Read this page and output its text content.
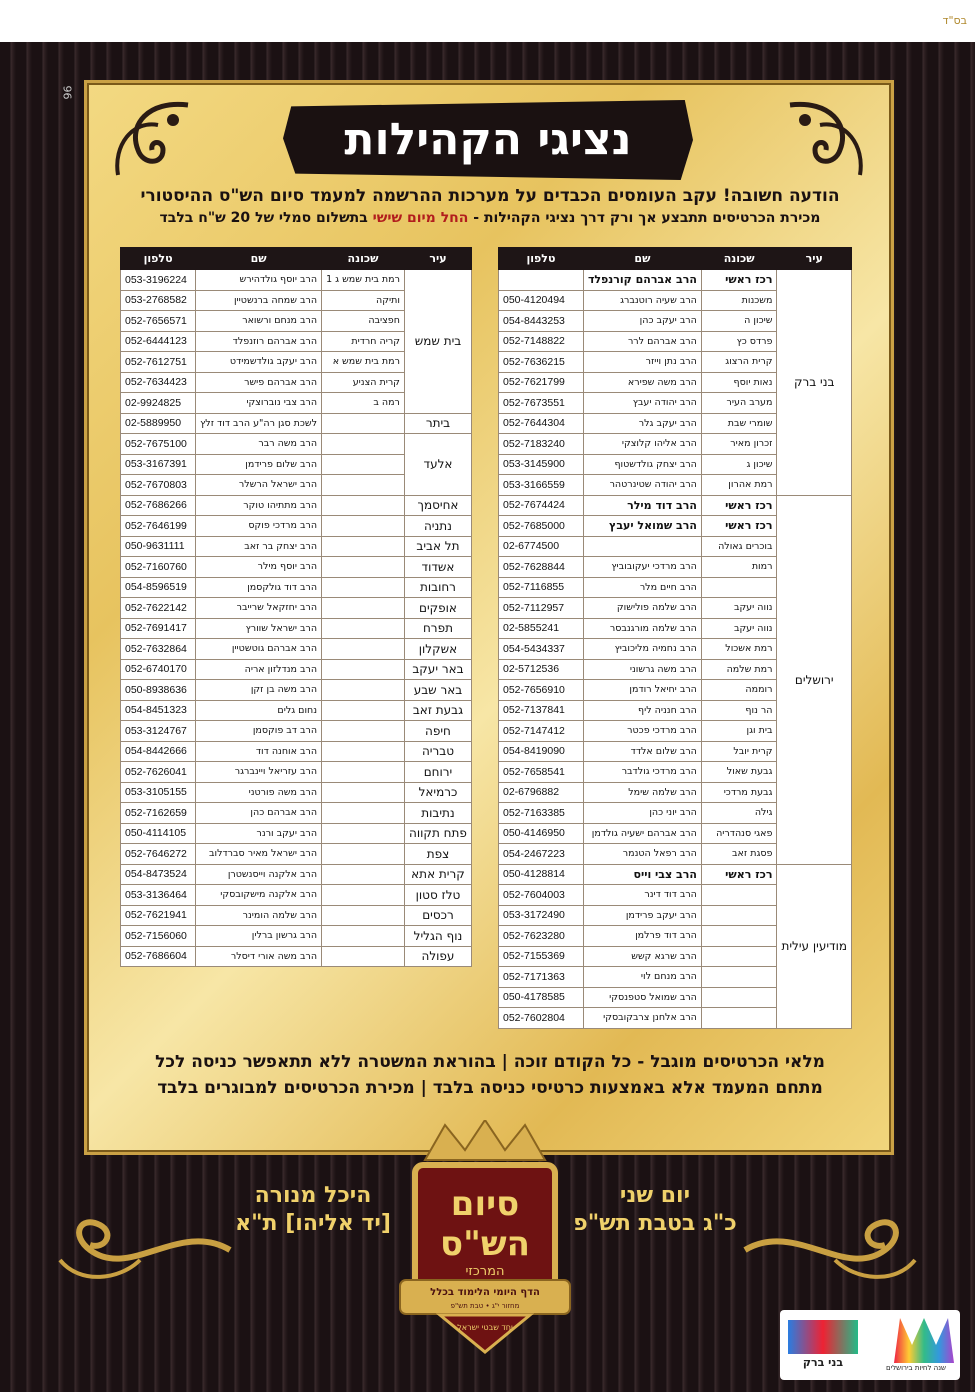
בס"ד
96
נציגי הקהילות
הודעה חשובה! עקב העומסים הכבדים על מערכות ההרשמה למעמד סיום הש"ס ההיסטורי
מכירת הכרטיסים תתבצע אך ורק דרך נציגי הקהילות - החל מיום שישי בתשלום סמלי של 20 ש"ח בלבד
עיר	שכונה	שם	טלפון
בני ברק	רכז ראשי	הרב אברהם קורנפלד	
	משכנות	הרב שעיה רוטנברג	050-4120494
	שיכון ה	הרב יעקב כהן	054-8443253
	פרדס כץ	הרב אברהם לרר	052-7148822
	קרית הרצוג	הרב נתן וייזר	052-7636215
	נאות יוסף	הרב משה שפירא	052-7621799
	מערב העיר	הרב יהודה יעבץ	052-7673551
	שומרי שבת	הרב יעקב גלר	052-7644304
	זכרון מאיר	הרב אליהו קלוצקי	052-7183240
	שיכון ג	הרב יצחק גולדשטוף	053-3145900
	רמת אהרון	הרב יהודה שטינרטהר	053-3166559
ירושלים	רכז ראשי	הרב דוד מילר	052-7674424
	רכז ראשי	הרב שמואל יעבץ	052-7685000
	בוכרים גאולה		02-6774500
	רמות	הרב מרדכי יעקובוביץ	052-7628844
		הרב חיים מלר	052-7116855
	נווה יעקב	הרב שלמה פולישוק	052-7112957
	נווה יעקב	הרב שלמה מורגנבסר	02-5855241
	רמת אשכול	הרב נחמיה מליכוביץ	054-5434337
	רמת שלמה	הרב משה גרשוני	02-5712536
	רוממה	הרב יחיאל רודמן	052-7656910
	הר נוף	הרב חנניה ליף	052-7137841
	בית וגן	הרב מרדכי פכטר	052-7147412
	קרית יובל	הרב שלום אלדד	054-8419090
	גבעת שאול	הרב מרדכי גולדבר	052-7658541
	גבעת מרדכי	הרב שלמה שימל	02-6796882
	גילה	הרב יוני כהן	052-7163385
	פאגי סנהדריה	הרב אברהם ישעיה גולדמן	050-4146950
	פסגת זאב	הרב רפאל הטנמר	054-2467223
מודיעין עילית	רכז ראשי	הרב צבי וייס	050-4128814
		הרב דוד דינר	052-7604003
		הרב יעקב פרידמן	053-3172490
		הרב דוד פרלמן	052-7623280
		הרב שרגא קשש	052-7155369
		הרב מנחם לוי	052-7171363
		הרב שמואל סטפנסקי	050-4178585
		הרב אלחנן צרבקובסקי	052-7602804
עיר	שכונה	שם	טלפון
בית שמש	רמת בית שמש ג 1	הרב יוסף גולדהירש	053-3196224
	ותיקה	הרב שמחה ברנשטיין	053-2768582
	חפציבה	הרב מנחם ורשואר	052-7656571
	קריה חרדית	הרב אברהם רוזנפלד	052-6444123
	רמת בית שמש א	הרב יעקב גולדשמידט	052-7612751
	קרית הצניע	הרב אברהם פישר	052-7634423
	רמה ב	הרב צבי נוברוצקי	02-9924825
ביתר		לשכת סגן רה"ע הרב דוד זלץ	02-5889950
אלעד		הרב משה רבר	052-7675100
		הרב שלום פרידמן	053-3167391
		הרב ישראל הרשלר	052-7670803
אחיסמך		הרב מתתיהו טוקר	052-7686266
נתניה		הרב מרדכי פוקס	052-7646199
תל אביב		הרב יצחק בר זאב	050-9631111
אשדוד		הרב יוסף מילר	052-7160760
רחובות		הרב דוד גולקסמן	054-8596519
אופקים		הרב יחזקאל שרייבר	052-7622142
תפרח		הרב ישראל שוורץ	052-7691417
אשקלון		הרב אברהם גוטשטיין	052-7632864
באר יעקב		הרב מנדלזון אריה	052-6740170
באר שבע		הרב משה בן זקן	050-8938636
גבעת זאב		נחום גלים	054-8451323
חיפה		הרב דב פוקסמן	053-3124767
טבריה		הרב אוחנה דוד	054-8442666
ירוחם		הרב עזריאל ויינברגר	052-7626041
כרמיאל		הרב משה פורטני	053-3105155
נתיבות		הרב אברהם כהן	052-7162659
פתח תקווה		הרב יעקב ורנר	050-4114105
צפת		הרב ישראל מאיר סברדלוב	052-7646272
קרית אתא		הרב אלקנה וייסנשטרן	054-8473524
טלז סטון		הרב אלקנה מישקובסקי	053-3136464
רכסים		הרב שלמה הומינר	052-7621941
נוף הגליל		הרב גרשון ברלין	052-7156060
עפולה		הרב משה אורי דיסלר	052-7686604
מלאי הכרטיסים מוגבל - כל הקודם זוכה | בהוראת המשטרה ללא תתאפשר כניסה לכל
מתחם המעמד אלא באמצעות כרטיסי כניסה בלבד | מכירת הכרטיסים למבוגרים בלבד
סיום
הש"ס
המרכזי
הדף היומי הלימוד בכלל
מחזור י"ג • טבת תש"פ
יחד שבטי ישראל
יום שני
כ"ג בטבת תש"פ
היכל מנורה
[יד אליהו] ת"א
שנה לחיות בירושלים
בני ברק
